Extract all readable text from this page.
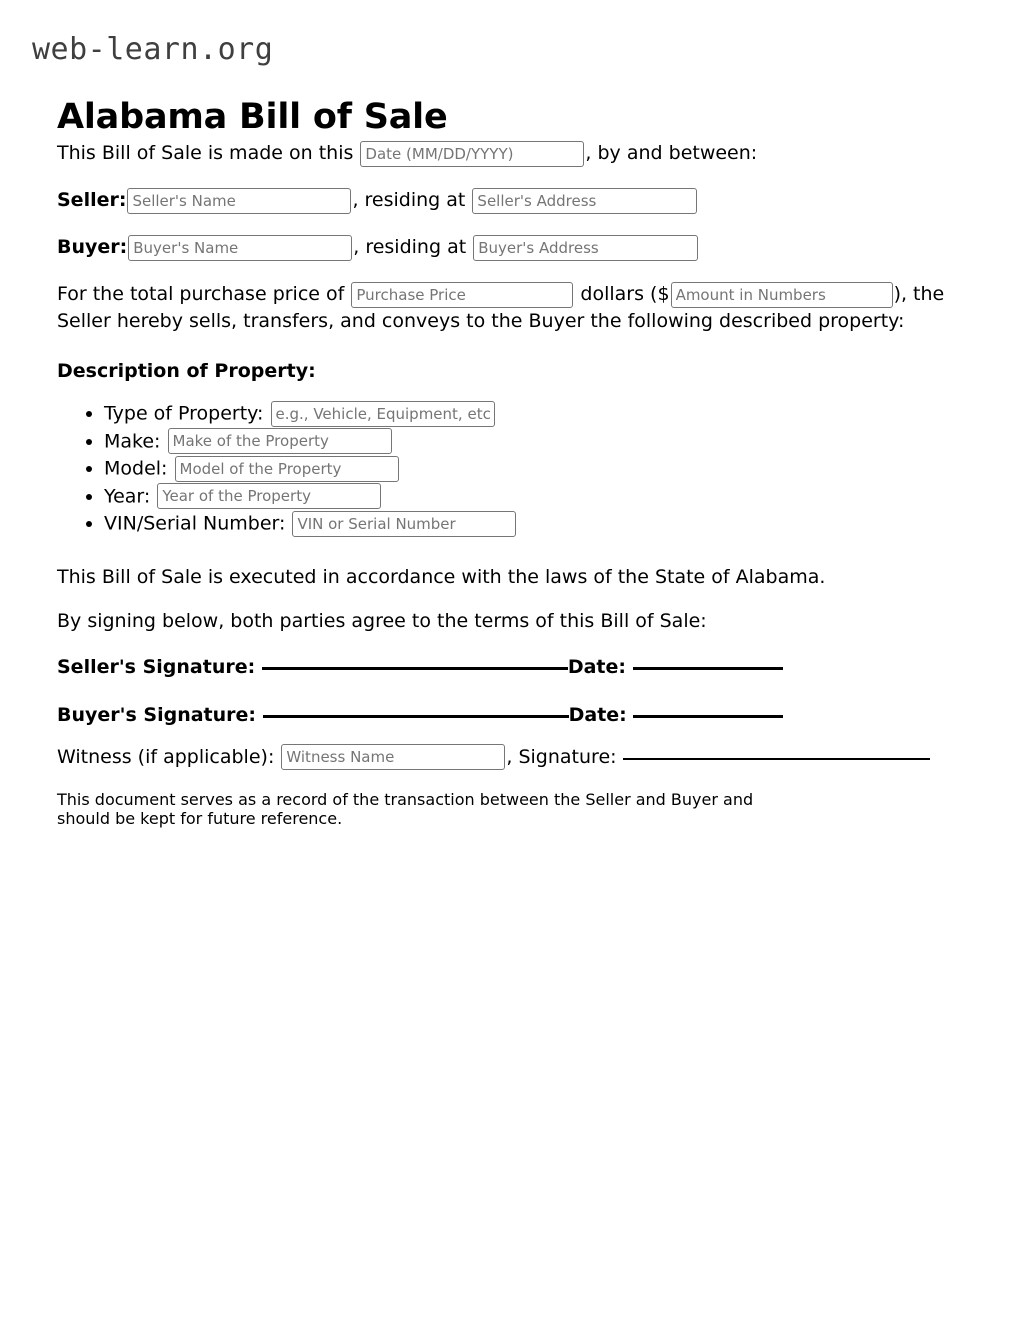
web-learn.org
Alabama Bill of Sale
This Bill of Sale is made on this
Date (MM/DD/YYYY)	, by and between:
Seller:
Seller's Name	, residing at
Seller's Address
Buyer:
Buyer's Name	, residing at
Buyer's Address
For the total purchase price of
Purchase Price	dollars ($
Amount in Numbers	), the
Seller hereby sells, transfers, and conveys to the Buyer the following described property:
Description of Property:
• Type of Property: e.g., Vehicle, Equipment, etc.
• Make: Make of the Property
• Model: Model of the Property
• Year: Year of the Property
• VIN/Serial Number: VIN or Serial Number

This Bill of Sale is executed in accordance with the laws of the State of Alabama.

By signing below, both parties agree to the terms of this Bill of Sale:

Seller's Signature:	Date:
Buyer's Signature:	Date:
Witness (if applicable): Witness Name	, Signature:
This document serves as a record of the transaction between the Seller and Buyer and
should be kept for future reference.
